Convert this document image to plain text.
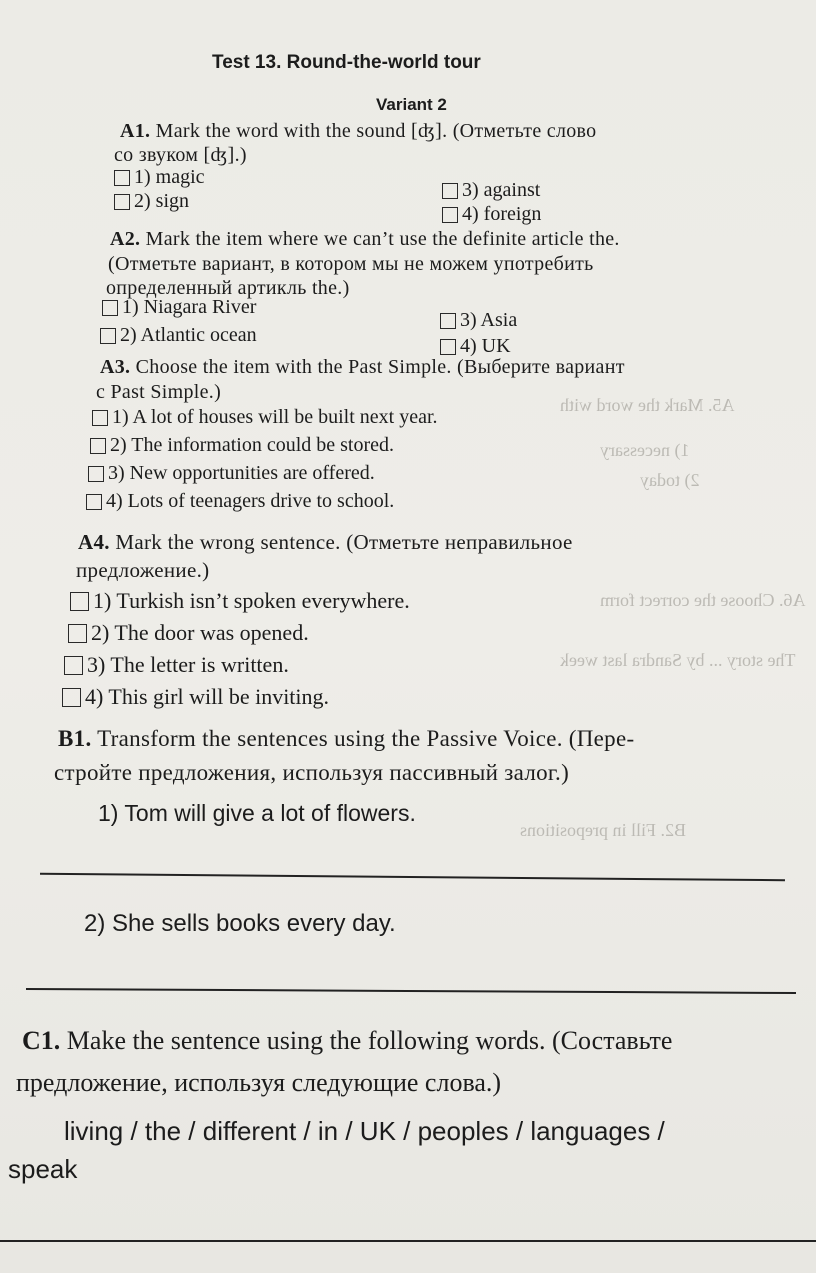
A5. Mark the word with
1) necessary
2) today
A6. Choose the correct form
The story ... by Sandra last week
B2. Fill in prepositions
Test 13. Round-the-world tour
Variant 2
A1. Mark the word with the sound [ʤ]. (Отметьте слово
со звуком [ʤ].)
1) magic
2) sign	3) against
4) foreign
A2. Mark the item where we can’t use the definite article the.
(Отметьте вариант, в котором мы не можем употребить
определенный артикль the.)
1) Niagara River
2) Atlantic ocean
3) Asia
4) UK
A3. Choose the item with the Past Simple. (Выберите вариант
с Past Simple.)
1) A lot of houses will be built next year.
2) The information could be stored.
3) New opportunities are offered.
4) Lots of teenagers drive to school.
A4. Mark the wrong sentence. (Отметьте неправильное
предложение.)
1) Turkish isn’t spoken everywhere.
2) The door was opened.
3) The letter is written.
4) This girl will be inviting.
B1. Transform the sentences using the Passive Voice. (Пере-
стройте предложения, используя пассивный залог.)
1) Tom will give a lot of flowers.
2) She sells books every day.
C1. Make the sentence using the following words. (Составьте
предложение, используя следующие слова.)
living / the / different / in / UK / peoples / languages /
speak
